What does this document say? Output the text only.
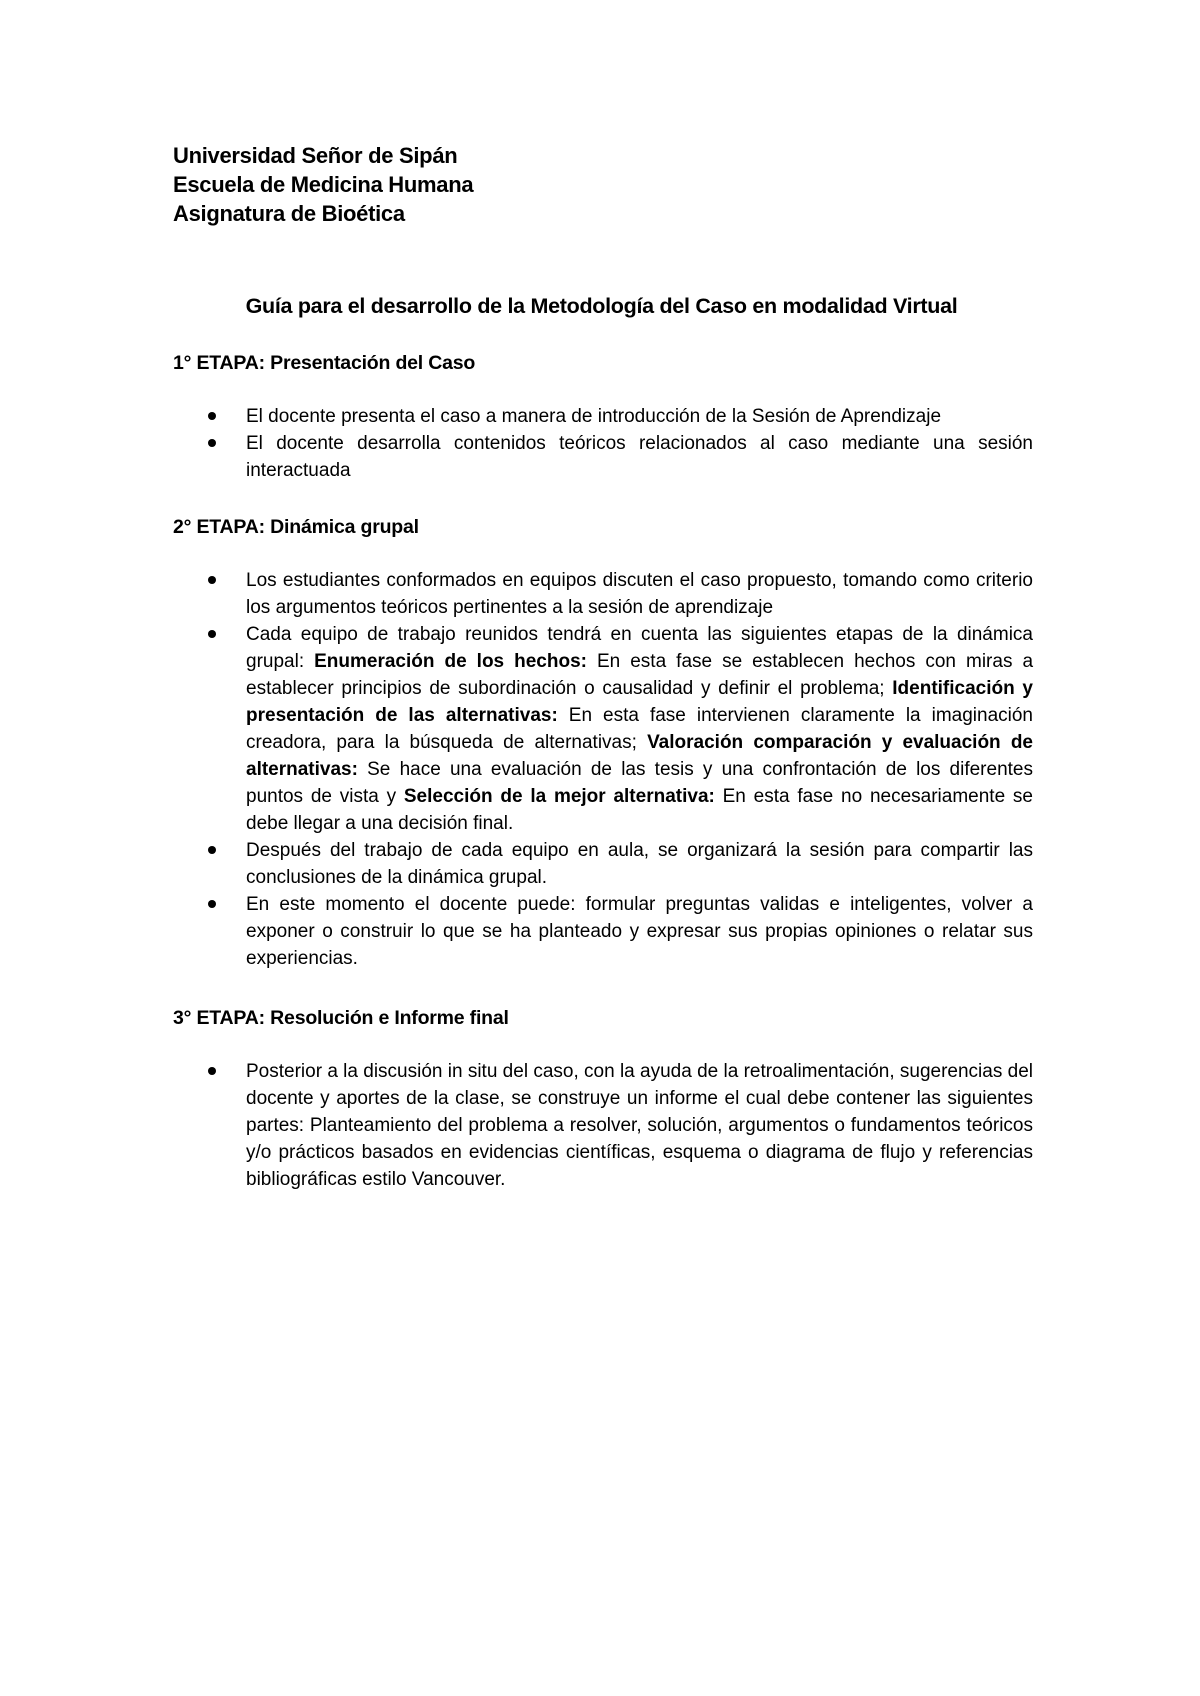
Universidad Señor de Sipán
Escuela de Medicina Humana
Asignatura de Bioética
Guía para el desarrollo de la Metodología del Caso en modalidad Virtual

1° ETAPA: Presentación del Caso

El docente presenta el caso a manera de introducción de la Sesión de Aprendizaje
El docente desarrolla contenidos teóricos relacionados al caso mediante una sesión interactuada

2° ETAPA: Dinámica grupal

Los estudiantes conformados en equipos discuten el caso propuesto, tomando como criterio los argumentos teóricos pertinentes a la sesión de aprendizaje
Cada equipo de trabajo reunidos tendrá en cuenta las siguientes etapas de la dinámica grupal: Enumeración de los hechos: En esta fase se establecen hechos con miras a establecer principios de subordinación o causalidad y definir el problema; Identificación y presentación de las alternativas: En esta fase intervienen claramente la imaginación creadora, para la búsqueda de alternativas; Valoración comparación y evaluación de alternativas: Se hace una evaluación de las tesis y una confrontación de los diferentes puntos de vista y Selección de la mejor alternativa: En esta fase no necesariamente se debe llegar a una decisión final.
Después del trabajo de cada equipo en aula, se organizará la sesión para compartir las conclusiones de la dinámica grupal.
En este momento el docente puede: formular preguntas validas e inteligentes, volver a exponer o construir lo que se ha planteado y expresar sus propias opiniones o relatar sus experiencias.

3° ETAPA: Resolución e Informe final

Posterior a la discusión in situ del caso, con la ayuda de la retroalimentación, sugerencias del docente y aportes de la clase, se construye un informe el cual debe contener las siguientes partes: Planteamiento del problema a resolver, solución, argumentos o fundamentos teóricos y/o prácticos basados en evidencias científicas, esquema o diagrama de flujo y referencias bibliográficas estilo Vancouver.
